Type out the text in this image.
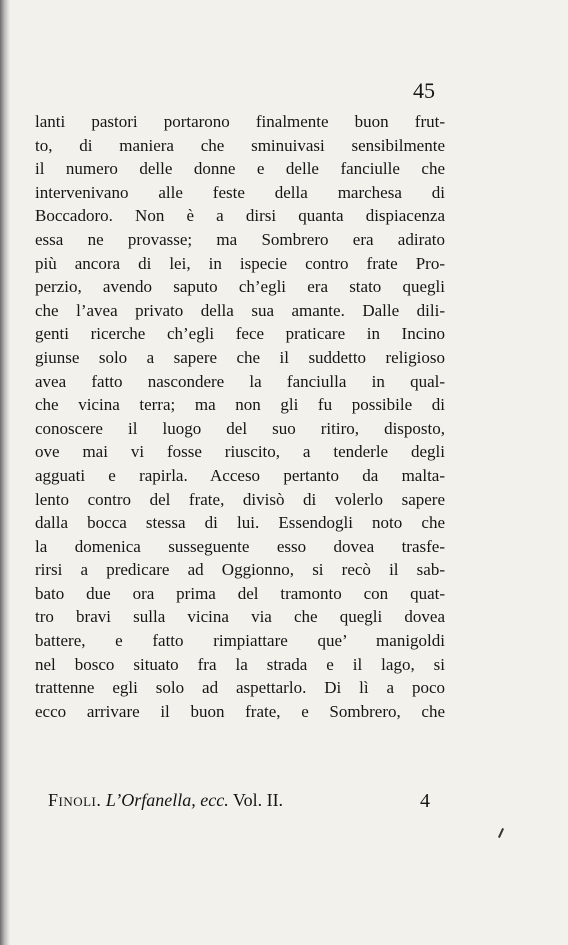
45
lanti pastori portarono finalmente buon frut-
to, di maniera che sminuivasi sensibilmente
il numero delle donne e delle fanciulle che
intervenivano alle feste della marchesa di
Boccadoro. Non è a dirsi quanta dispiacenza
essa ne provasse; ma Sombrero era adirato
più ancora di lei, in ispecie contro frate Pro-
perzio, avendo saputo ch’egli era stato quegli
che l’avea privato della sua amante. Dalle dili-
genti ricerche ch’egli fece praticare in Incino
giunse solo a sapere che il suddetto religioso
avea fatto nascondere la fanciulla in qual-
che vicina terra; ma non gli fu possibile di
conoscere il luogo del suo ritiro, disposto,
ove mai vi fosse riuscito, a tenderle degli
agguati e rapirla. Acceso pertanto da malta-
lento contro del frate, divisò di volerlo sapere
dalla bocca stessa di lui. Essendogli noto che
la domenica susseguente esso dovea trasfe-
rirsi a predicare ad Oggionno, si recò il sab-
bato due ora prima del tramonto con quat-
tro bravi sulla vicina via che quegli dovea
battere, e fatto rimpiattare que’ manigoldi
nel bosco situato fra la strada e il lago, si
trattenne egli solo ad aspettarlo. Di lì a poco
ecco arrivare il buon frate, e Sombrero, che
Finoli. L’Orfanella, ecc. Vol. II.	4
